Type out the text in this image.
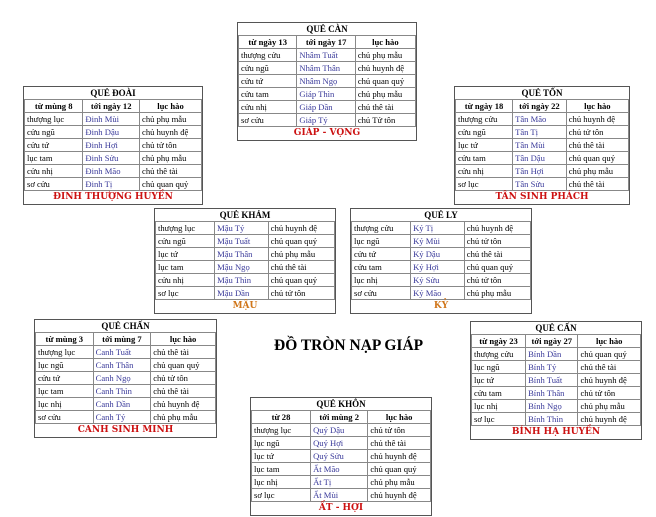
QUẺ CÀN		
từ ngày 13	tới ngày 17	lục hào
thượng cửu	Nhâm Tuất	chủ phụ mẫu
cửu ngũ	Nhâm Thân	chủ huynh đệ
cửu tứ	Nhâm Ngọ	chủ quan quỷ
cửu tam	Giáp Thìn	chủ phụ mẫu
cửu nhị	Giáp Dần	chủ thê tài
sơ cửu	Giáp Tý	chủ Tử tôn
GIÁP - VỌNG
QUẺ ĐOÀI		
từ mùng 8	tới ngày 12	lục hào
thượng lục	Đinh Mùi	chủ phụ mẫu
cửu ngũ	Đinh Dậu	chủ huynh đệ
cửu tứ	Đinh Hợi	chủ tử tôn
lục tam	Đinh Sửu	chủ phụ mẫu
cửu nhị	Đinh Mão	chủ thê tài
sơ cửu	Đinh Tị	chủ quan quỷ
ĐINH THƯỢNG HUYỀN
QUẺ TỐN		
từ ngày 18	tới ngày 22	lục hào
thượng cửu	Tân Mão	chủ huynh đệ
cửu ngũ	Tân Tị	chủ tử tôn
lục tứ	Tân Mùi	chủ thê tài
cửu tam	Tân Dậu	chủ quan quỷ
cửu nhị	Tân Hợi	chủ phụ mẫu
sơ lục	Tân Sửu	chủ thê tài
TÂN SINH PHÁCH
QUẺ KHẢM		
thượng lục	Mậu Tý	chủ huynh đệ
cửu ngũ	Mậu Tuất	chủ quan quỷ
lục tứ	Mậu Thân	chủ phụ mẫu
lục tam	Mậu Ngọ	chủ thê tài
cửu nhị	Mậu Thìn	chủ quan quỷ
sơ lục	Mậu Dần	chủ tử tôn
MẬU
QUẺ LY		
thượng cửu	Kỷ Tị	chủ huynh đệ
lục ngũ	Kỷ Mùi	chủ tử tôn
cửu tứ	Kỷ Dậu	chủ thê tài
cửu tam	Kỷ Hợi	chủ quan quỷ
lục nhị	Kỷ Sửu	chủ tử tôn
sơ cửu	Kỷ Mão	chủ phụ mẫu
KỶ
ĐỒ TRÒN NẠP GIÁP
QUẺ CHẤN		
từ mùng 3	tới mùng 7	lục hào
thượng lục	Canh Tuất	chủ thê tài
lục ngũ	Canh Thân	chủ quan quỷ
cửu tứ	Canh Ngọ	chủ tử tôn
lục tam	Canh Thìn	chủ thê tài
lục nhị	Canh Dần	chủ huynh đệ
sơ cửu	Canh Tý	chủ phụ mẫu
CANH SINH MINH
QUẺ CẤN		
từ ngày 23	tới ngày 27	lục hào
thượng cửu	Bính Dần	chủ quan quỷ
lục ngũ	Bính Tý	chủ thê tài
lục tứ	Bính Tuất	chủ huynh đệ
cửu tam	Bính Thân	chủ tử tôn
lục nhị	Bính Ngọ	chủ phụ mẫu
sơ lục	Bính Thìn	chủ huynh đệ
BÍNH HẠ HUYỀN
QUẺ KHÔN		
từ 28	tới mùng 2	lục hào
thượng lục	Quý Dậu	chủ tử tôn
lục ngũ	Quý Hợi	chủ thê tài
lục tứ	Quý Sửu	chủ huynh đệ
lục tam	Ất Mão	chủ quan quỷ
lục nhị	Ất Tị	chủ phụ mẫu
sơ lục	Ất Mùi	chủ huynh đệ
ẤT - HỢI
